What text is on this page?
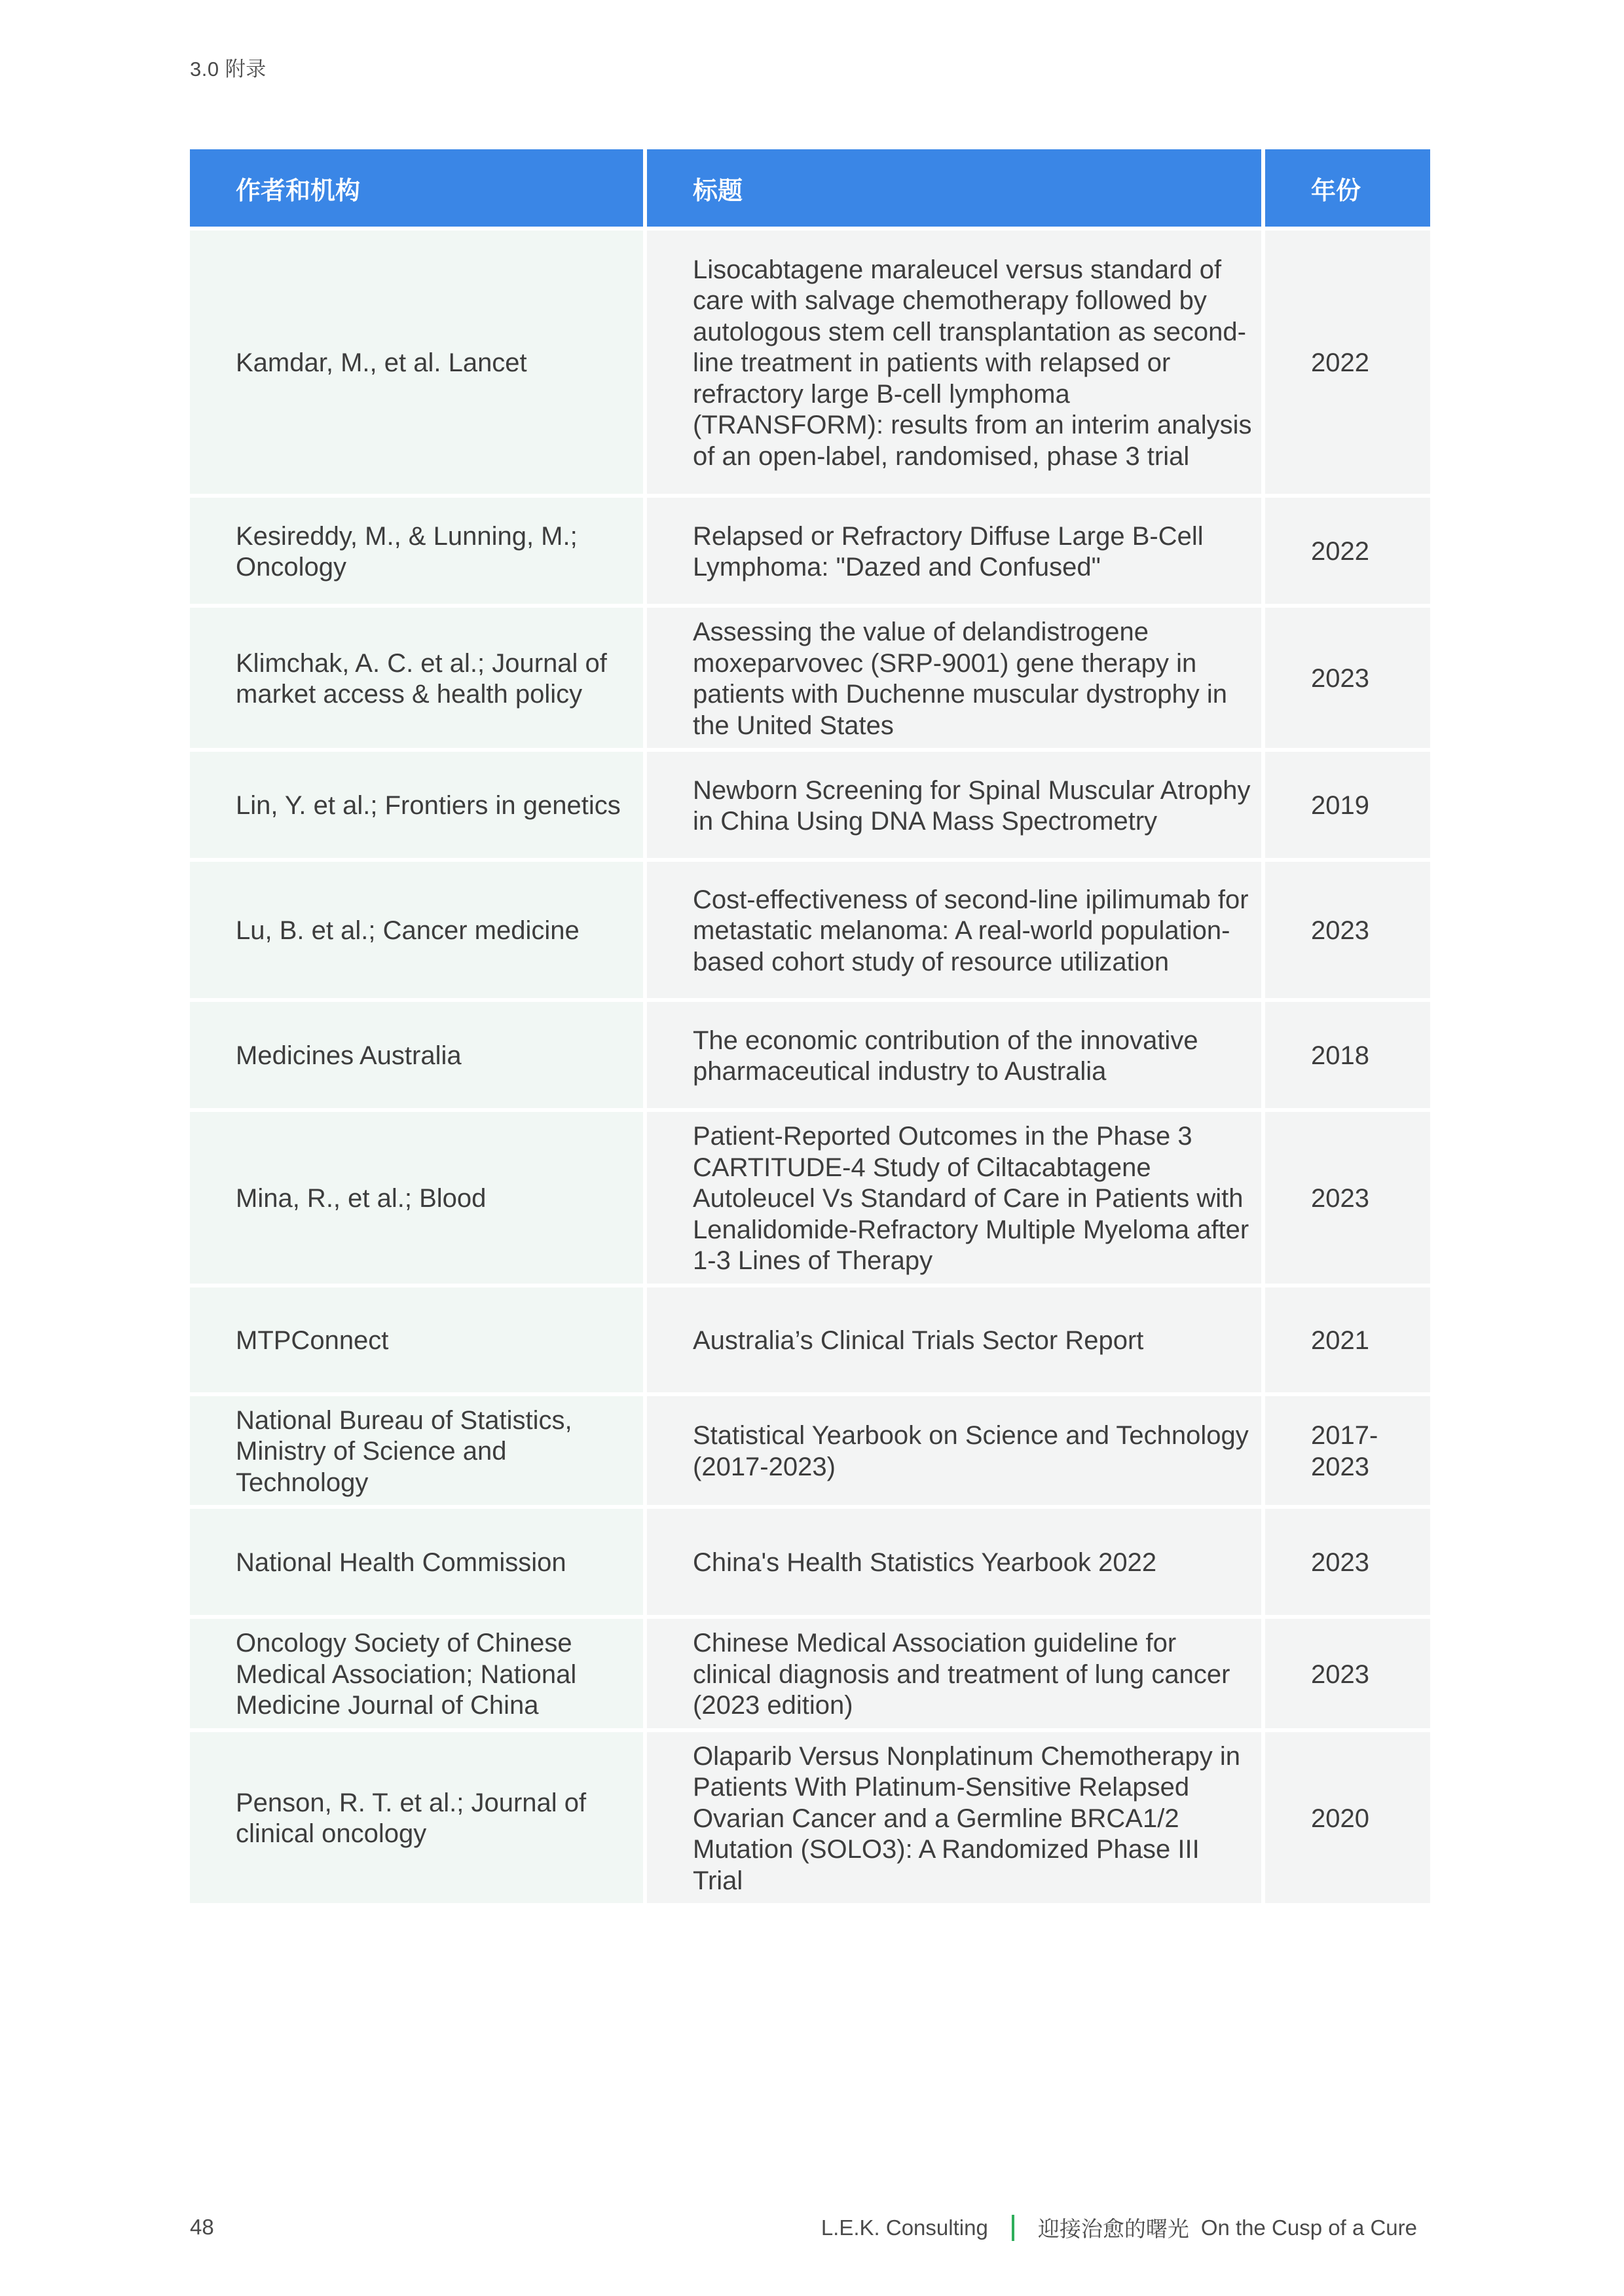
3.0 附录
作者和机构	标题	年份
Kamdar, M., et al. Lancet	Lisocabtagene maraleucel versus standard of care with salvage chemotherapy followed by autologous stem cell transplantation as second-line treatment in patients with relapsed or refractory large B-cell lymphoma (TRANSFORM): results from an interim analysis of an open-label, randomised, phase 3 trial	2022
Kesireddy, M., & Lunning, M.; Oncology	Relapsed or Refractory Diffuse Large B-Cell Lymphoma: "Dazed and Confused"	2022
Klimchak, A. C. et al.; Journal of market access & health policy	Assessing the value of delandistrogene moxeparvovec (SRP-9001) gene therapy in patients with Duchenne muscular dystrophy in the United States	2023
Lin, Y. et al.; Frontiers in genetics	Newborn Screening for Spinal Muscular Atrophy in China Using DNA Mass Spectrometry	2019
Lu, B. et al.; Cancer medicine	Cost-effectiveness of second-line ipilimumab for metastatic melanoma: A real-world population-based cohort study of resource utilization	2023
Medicines Australia	The economic contribution of the innovative pharmaceutical industry to Australia	2018
Mina, R., et al.; Blood	Patient-Reported Outcomes in the Phase 3 CARTITUDE-4 Study of Ciltacabtagene Autoleucel Vs Standard of Care in Patients with Lenalidomide-Refractory Multiple Myeloma after 1-3 Lines of Therapy	2023
MTPConnect	Australia’s Clinical Trials Sector Report	2021
National Bureau of Statistics, Ministry of Science and Technology	Statistical Yearbook on Science and Technology (2017-2023)	2017-2023
National Health Commission	China's Health Statistics Yearbook 2022	2023
Oncology Society of Chinese Medical Association; National Medicine Journal of China	Chinese Medical Association guideline for clinical diagnosis and treatment of lung cancer (2023 edition)	2023
Penson, R. T. et al.; Journal of clinical oncology	Olaparib Versus Nonplatinum Chemotherapy in Patients With Platinum-Sensitive Relapsed Ovarian Cancer and a Germline BRCA1/2 Mutation (SOLO3): A Randomized Phase III Trial	2020
48	L.E.K. Consulting 迎接治愈的曙光 On the Cusp of a Cure
